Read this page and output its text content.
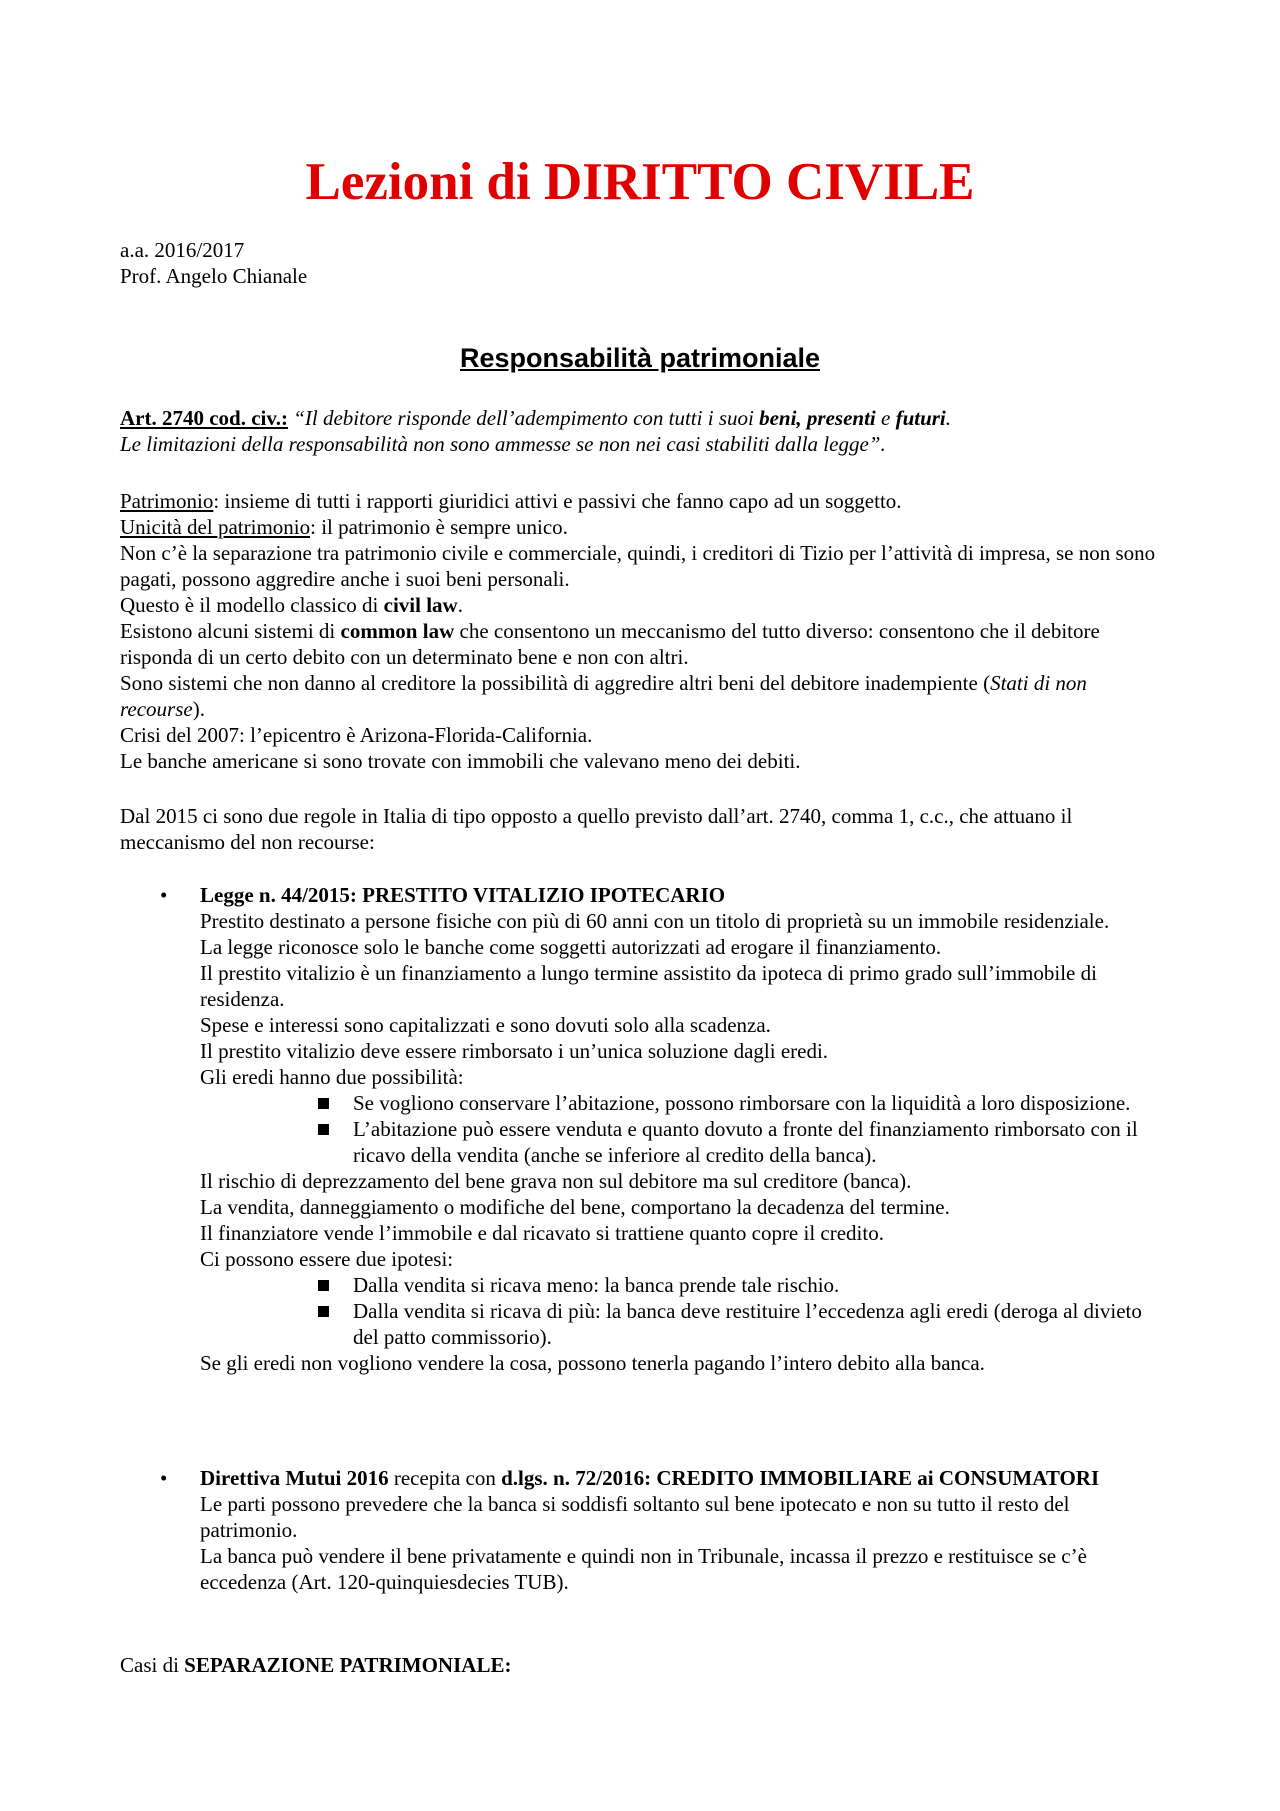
Lezioni di DIRITTO CIVILE

a.a. 2016/2017

Prof. Angelo Chianale

Responsabilità patrimoniale

Art. 2740 cod. civ.: “Il debitore risponde dell’adempimento con tutti i suoi beni, presenti e futuri.

Le limitazioni della responsabilità non sono ammesse se non nei casi stabiliti dalla legge”.

Patrimonio: insieme di tutti i rapporti giuridici attivi e passivi che fanno capo ad un soggetto.

Unicità del patrimonio: il patrimonio è sempre unico.

Non c’è la separazione tra patrimonio civile e commerciale, quindi, i creditori di Tizio per l’attività di impresa, se non sono pagati, possono aggredire anche i suoi beni personali.

Questo è il modello classico di civil law.

Esistono alcuni sistemi di common law che consentono un meccanismo del tutto diverso: consentono che il debitore risponda di un certo debito con un determinato bene e non con altri.

Sono sistemi che non danno al creditore la possibilità di aggredire altri beni del debitore inadempiente (Stati di non recourse).

Crisi del 2007: l’epicentro è Arizona-Florida-California.

Le banche americane si sono trovate con immobili che valevano meno dei debiti.

Dal 2015 ci sono due regole in Italia di tipo opposto a quello previsto dall’art. 2740, comma 1, c.c., che attuano il meccanismo del non recourse:

•	Legge n. 44/2015: PRESTITO VITALIZIO IPOTECARIO

Prestito destinato a persone fisiche con più di 60 anni con un titolo di proprietà su un immobile residenziale.

La legge riconosce solo le banche come soggetti autorizzati ad erogare il finanziamento.

Il prestito vitalizio è un finanziamento a lungo termine assistito da ipoteca di primo grado sull’immobile di residenza.

Spese e interessi sono capitalizzati e sono dovuti solo alla scadenza.

Il prestito vitalizio deve essere rimborsato i un’unica soluzione dagli eredi.

Gli eredi hanno due possibilità:

Se vogliono conservare l’abitazione, possono rimborsare con la liquidità a loro disposizione.

L’abitazione può essere venduta e quanto dovuto a fronte del finanziamento rimborsato con il ricavo della vendita (anche se inferiore al credito della banca).

Il rischio di deprezzamento del bene grava non sul debitore ma sul creditore (banca).

La vendita, danneggiamento o modifiche del bene, comportano la decadenza del termine.

Il finanziatore vende l’immobile e dal ricavato si trattiene quanto copre il credito.

Ci possono essere due ipotesi:

Dalla vendita si ricava meno: la banca prende tale rischio.

Dalla vendita si ricava di più: la banca deve restituire l’eccedenza agli eredi (deroga al divieto del patto commissorio).

Se gli eredi non vogliono vendere la cosa, possono tenerla pagando l’intero debito alla banca.

•	Direttiva Mutui 2016 recepita con d.lgs. n. 72/2016: CREDITO IMMOBILIARE ai CONSUMATORI

Le parti possono prevedere che la banca si soddisfi soltanto sul bene ipotecato e non su tutto il resto del patrimonio.

La banca può vendere il bene privatamente e quindi non in Tribunale, incassa il prezzo e restituisce se c’è eccedenza (Art. 120-quinquiesdecies TUB).

Casi di SEPARAZIONE PATRIMONIALE:
